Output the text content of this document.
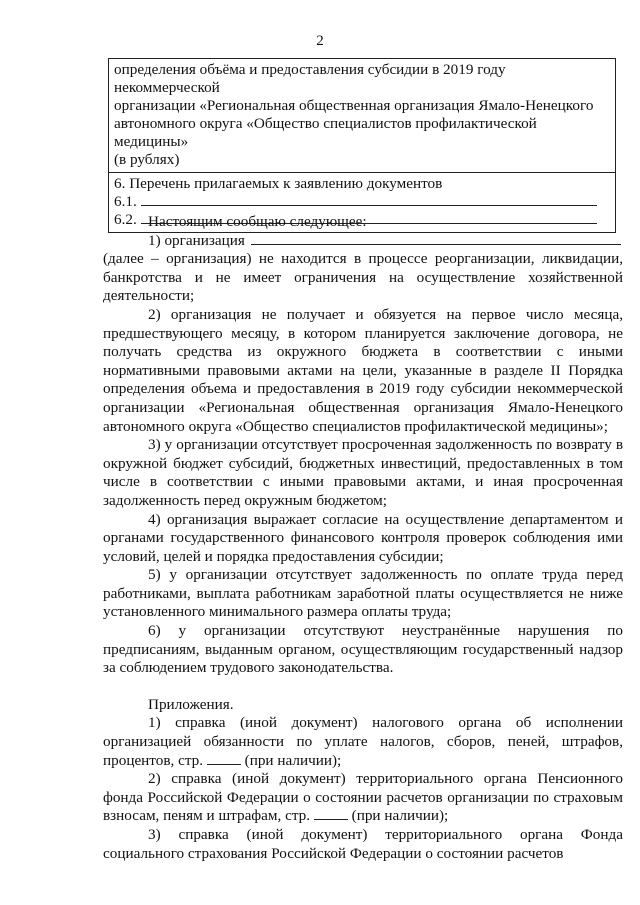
2
определения объёма и предоставления субсидии в 2019 году некоммерческой
организации «Региональная общественная организация Ямало-Ненецкого
автономного округа «Общество специалистов профилактической медицины»
(в рублях)
6. Перечень прилагаемых к заявлению документов
6.1.
6.2. Настоящим сообщаю следующее:

1) организация

(далее – организация) не находится в процессе реорганизации, ликвидации, банкротства и не имеет ограничения на осуществление хозяйственной деятельности;

2) организация не получает и обязуется на первое число месяца, предшествующего месяцу, в котором планируется заключение договора, не получать средства из окружного бюджета в соответствии с иными нормативными правовыми актами на цели, указанные в разделе II Порядка определения объема и предоставления в 2019 году субсидии некоммерческой организации «Региональная общественная организация Ямало-Ненецкого автономного округа «Общество специалистов профилактической медицины»;

3) у организации отсутствует просроченная задолженность по возврату в окружной бюджет субсидий, бюджетных инвестиций, предоставленных в том числе в соответствии с иными правовыми актами, и иная просроченная задолженность перед окружным бюджетом;

4) организация выражает согласие на осуществление департаментом и органами государственного финансового контроля проверок соблюдения ими условий, целей и порядка предоставления субсидии;

5) у организации отсутствует задолженность по оплате труда перед работниками, выплата работникам заработной платы осуществляется не ниже установленного минимального размера оплаты труда;

6) у организации отсутствуют неустранённые нарушения по предписаниям, выданным органом, осуществляющим государственный надзор за соблюдением трудового законодательства.

Приложения.

1) справка (иной документ) налогового органа об исполнении организацией обязанности по уплате налогов, сборов, пеней, штрафов, процентов, стр.	(при наличии);

2) справка (иной документ) территориального органа Пенсионного фонда Российской Федерации о состоянии расчетов организации по страховым взносам, пеням и штрафам, стр.	(при наличии);

3) справка (иной документ) территориального органа Фонда социального страхования Российской Федерации о состоянии расчетов
